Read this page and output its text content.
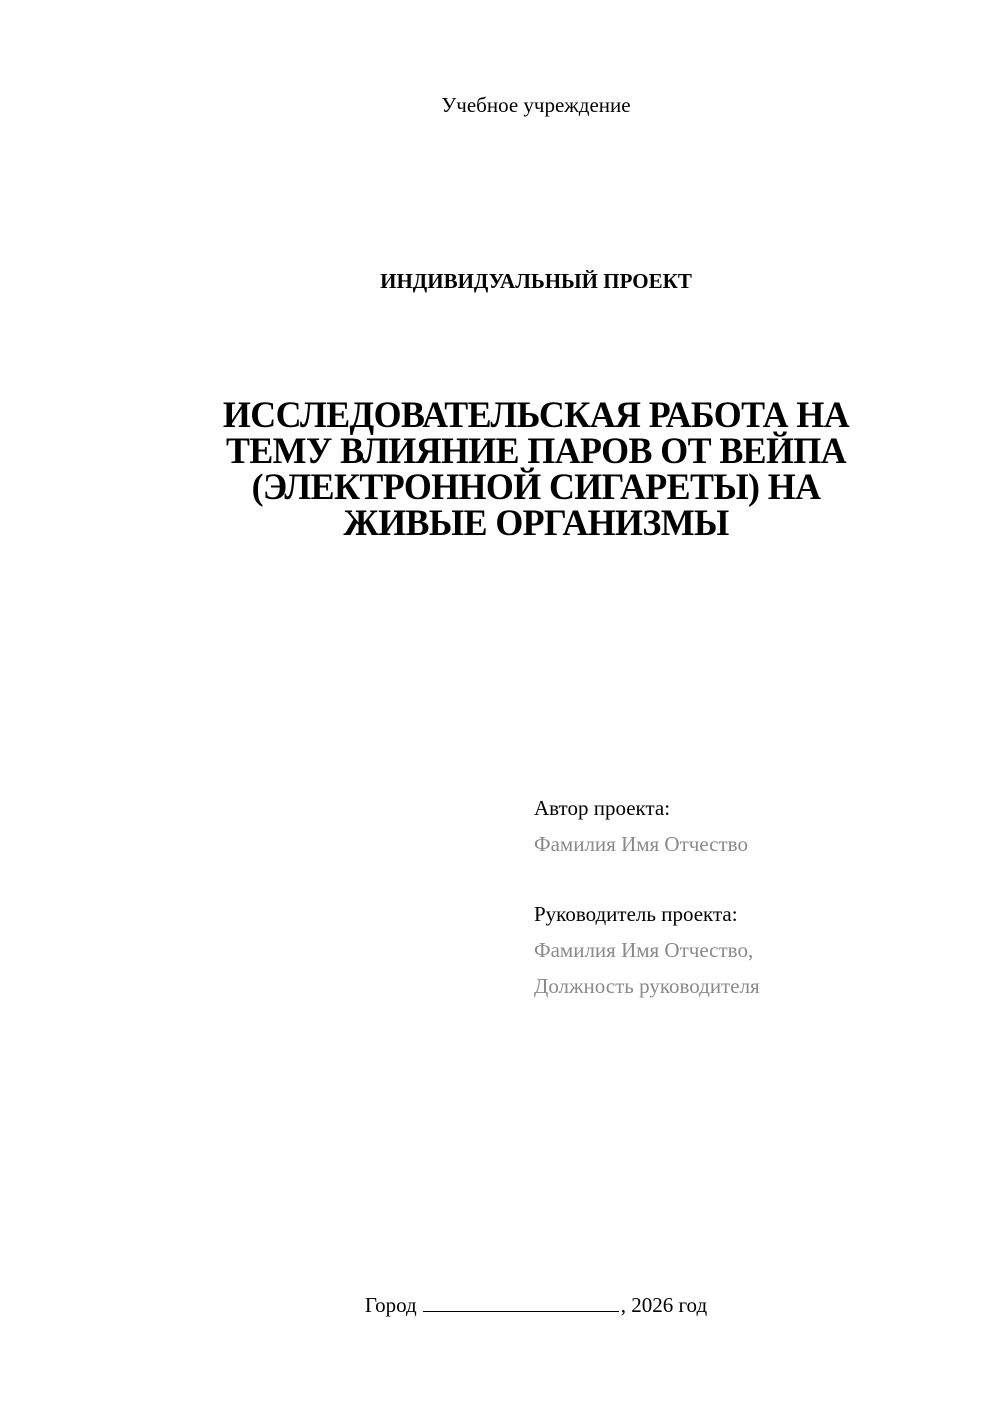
Учебное учреждение
ИНДИВИДУАЛЬНЫЙ ПРОЕКТ
ИССЛЕДОВАТЕЛЬСКАЯ РАБОТА НА
ТЕМУ ВЛИЯНИЕ ПАРОВ ОТ ВЕЙПА
(ЭЛЕКТРОННОЙ СИГАРЕТЫ) НА
ЖИВЫЕ ОРГАНИЗМЫ
Автор проекта:
Фамилия Имя Отчество
Руководитель проекта:
Фамилия Имя Отчество,
Должность руководителя
Город	, 2026 год
